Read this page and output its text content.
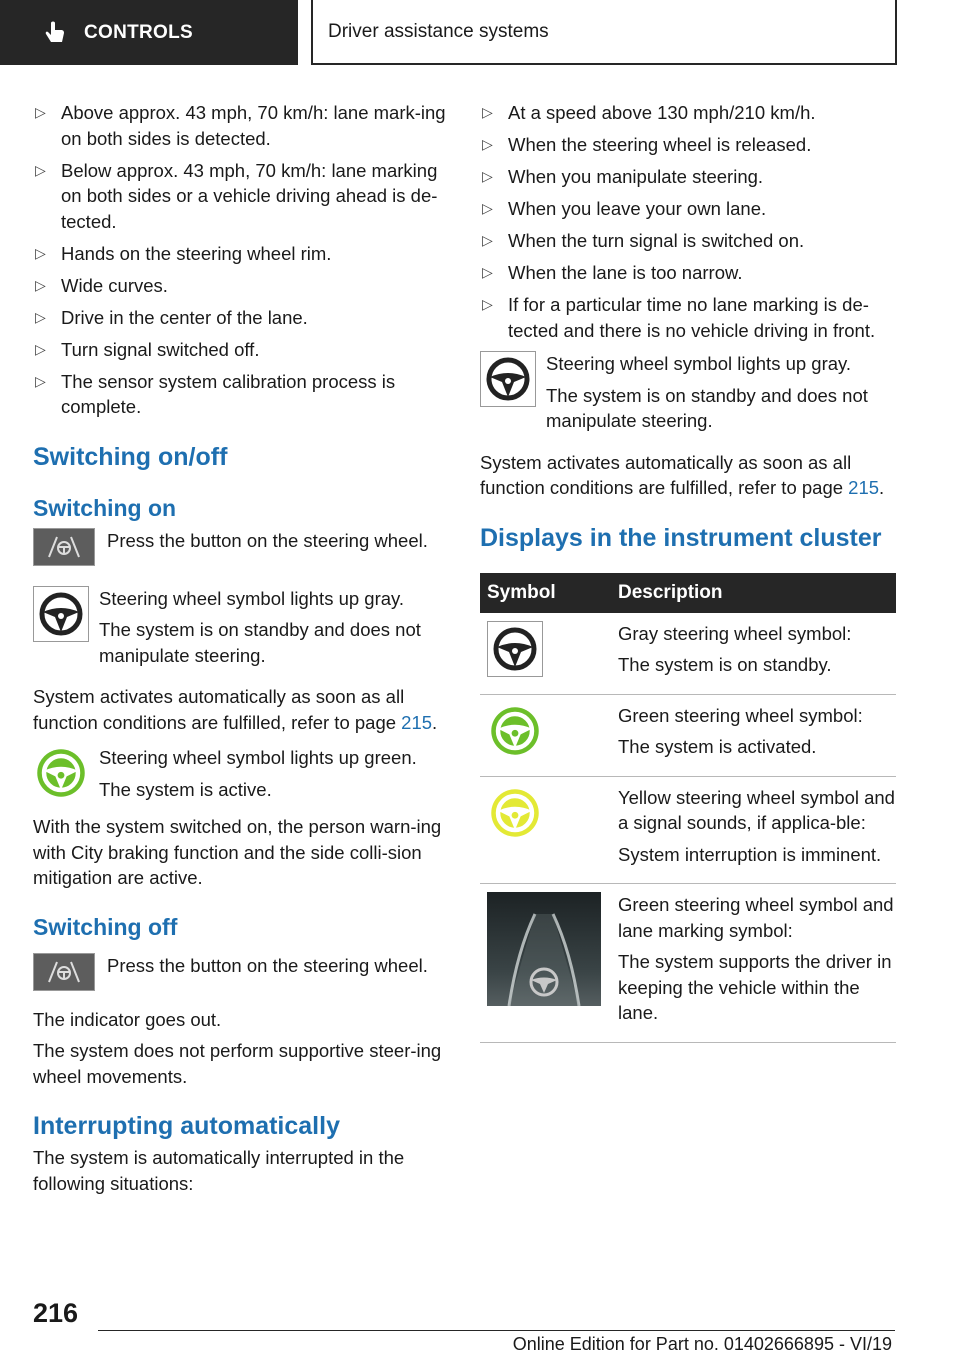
CONTROLS	Driver assistance systems
▷ Above approx. 43 mph, 70 km/h: lane mark-ing on both sides is detected.
▷ Below approx. 43 mph, 70 km/h: lane marking on both sides or a vehicle driving ahead is de-tected.
▷ Hands on the steering wheel rim.
▷ Wide curves.
▷ Drive in the center of the lane.
▷ Turn signal switched off.
▷ The sensor system calibration process is complete.
Switching on/off
Switching on

Press the button on the steering wheel.

Steering wheel symbol lights up gray.

The system is on standby and does not manipulate steering.

System activates automatically as soon as all function conditions are fulfilled, refer to page 215.

Steering wheel symbol lights up green.

The system is active.

With the system switched on, the person warn-ing with City braking function and the side colli-sion mitigation are active.

Switching off

Press the button on the steering wheel.

The indicator goes out.

The system does not perform supportive steer-ing wheel movements.

Interrupting automatically

The system is automatically interrupted in the following situations:

▷ At a speed above 130 mph/210 km/h.
▷ When the steering wheel is released.
▷ When you manipulate steering.
▷ When you leave your own lane.
▷ When the turn signal is switched on.
▷ When the lane is too narrow.
▷ If for a particular time no lane marking is de-tected and there is no vehicle driving in front.

Steering wheel symbol lights up gray.

The system is on standby and does not manipulate steering.

System activates automatically as soon as all function conditions are fulfilled, refer to page 215.

Displays in the instrument cluster
Symbol	Description

Gray steering wheel symbol:

The system is on standby.

Green steering wheel symbol:

The system is activated.

Yellow steering wheel symbol and a signal sounds, if applica-ble:

System interruption is imminent.

Green steering wheel symbol and lane marking symbol:

The system supports the driver in keeping the vehicle within the lane.

216
Online Edition for Part no. 01402666895 - VI/19
